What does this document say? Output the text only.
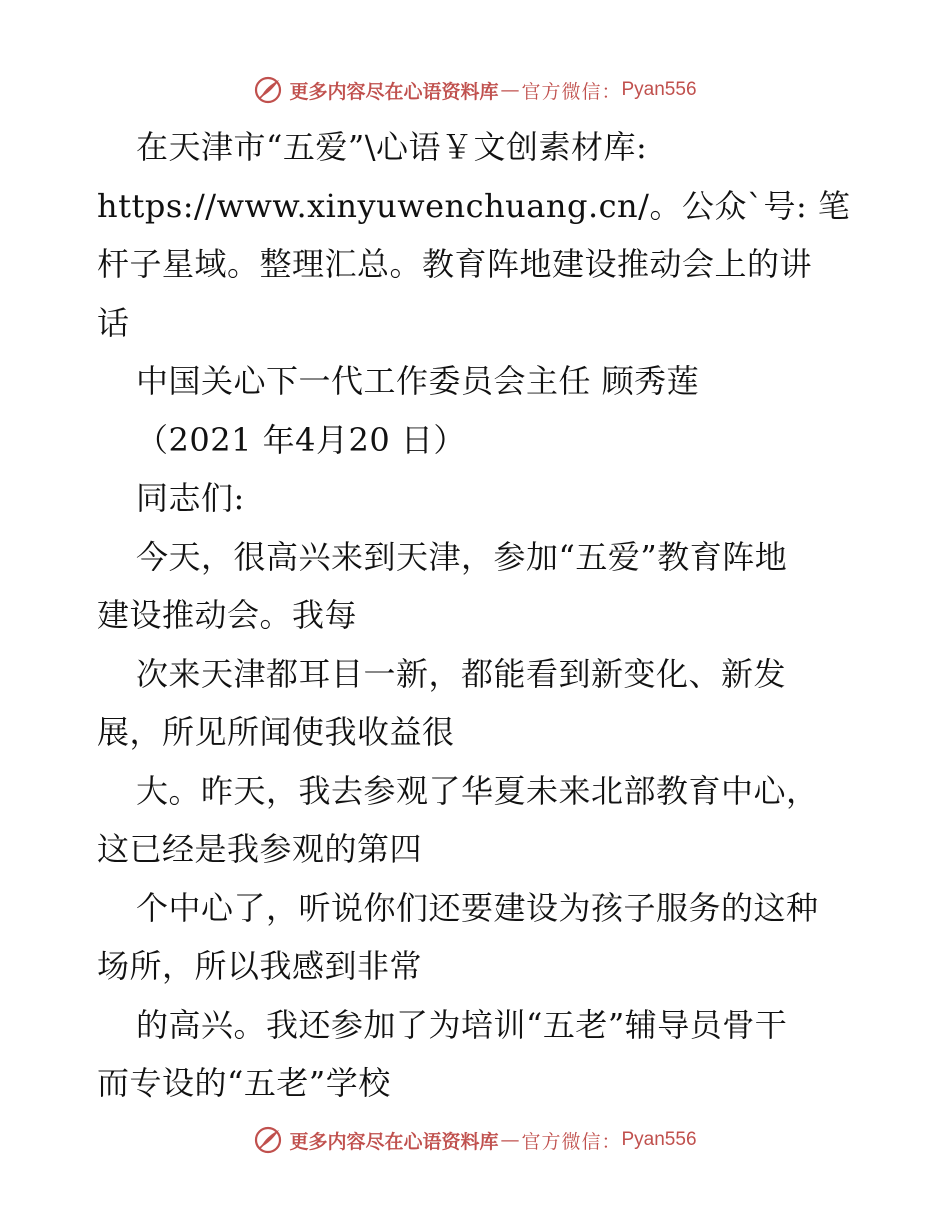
更多内容尽在心语资料库 — 官方微信： Pyan556
在天津市“五爱”\心语￥文创素材库:
https://www.xinyuwenchuang.cn/。公众`号: 笔
杆子星域。整理汇总。教育阵地建设推动会上的讲
话
中国关心下一代工作委员会主任 顾秀莲
（2021 年4月20 日）
同志们:
今天，很高兴来到天津，参加“五爱”教育阵地
建设推动会。我每
次来天津都耳目一新，都能看到新变化、新发
展，所见所闻使我收益很
大。昨天，我去参观了华夏未来北部教育中心，
这已经是我参观的第四
个中心了，听说你们还要建设为孩子服务的这种
场所，所以我感到非常
的高兴。我还参加了为培训“五老”辅导员骨干
而专设的“五老”学校
更多内容尽在心语资料库 — 官方微信： Pyan556
